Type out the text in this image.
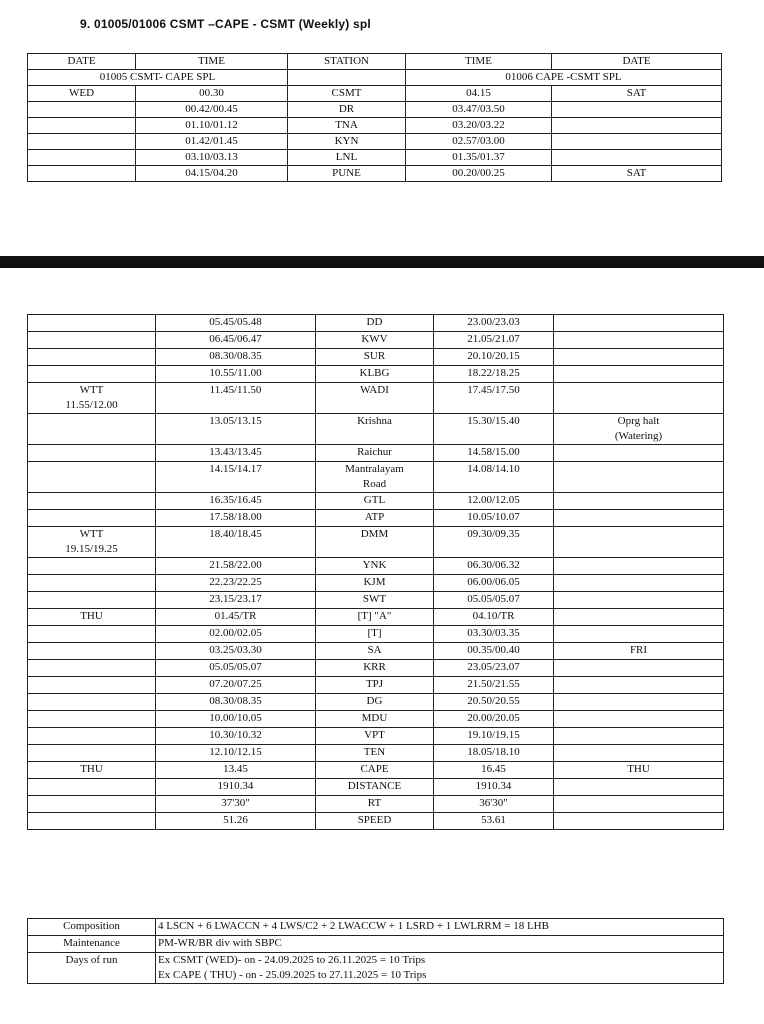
9. 01005/01006 CSMT –CAPE - CSMT (Weekly) spl
DATE	TIME	STATION	TIME	DATE
01005 CSMT- CAPE SPL			01006 CAPE -CSMT SPL	
WED	00.30	CSMT	04.15	SAT
	00.42/00.45	DR	03.47/03.50	
	01.10/01.12	TNA	03.20/03.22	
	01.42/01.45	KYN	02.57/03.00	
	03.10/03.13	LNL	01.35/01.37	
	04.15/04.20	PUNE	00.20/00.25	SAT
	05.45/05.48	DD	23.00/23.03	
	06.45/06.47	KWV	21.05/21.07	
	08.30/08.35	SUR	20.10/20.15	
	10.55/11.00	KLBG	18.22/18.25	
WTT
11.55/12.00	11.45/11.50	WADI	17.45/17.50	
	13.05/13.15	Krishna	15.30/15.40	Oprg halt
(Watering)
	13.43/13.45	Raichur	14.58/15.00	
	14.15/14.17	Mantralayam
Road	14.08/14.10	
	16.35/16.45	GTL	12.00/12.05	
	17.58/18.00	ATP	10.05/10.07	
WTT
19.15/19.25	18.40/18.45	DMM	09.30/09.35	
	21.58/22.00	YNK	06.30/06.32	
	22.23/22.25	KJM	06.00/06.05	
	23.15/23.17	SWT	05.05/05.07	
THU	01.45/TR	[T] "A"	04.10/TR	
	02.00/02.05	[T]	03.30/03.35	
	03.25/03.30	SA	00.35/00.40	FRI
	05.05/05.07	KRR	23.05/23.07	
	07.20/07.25	TPJ	21.50/21.55	
	08.30/08.35	DG	20.50/20.55	
	10.00/10.05	MDU	20.00/20.05	
	10.30/10.32	VPT	19.10/19.15	
	12.10/12.15	TEN	18.05/18.10	
THU	13.45	CAPE	16.45	THU
	1910.34	DISTANCE	1910.34	
	37'30"	RT	36'30"	
	51.26	SPEED	53.61	
Composition	4 LSCN + 6 LWACCN + 4 LWS/C2 + 2 LWACCW + 1 LSRD + 1 LWLRRM = 18 LHB
Maintenance	PM-WR/BR div with SBPC
Days of run	Ex CSMT (WED)- on - 24.09.2025 to 26.11.2025 = 10 Trips
Ex CAPE ( THU) - on - 25.09.2025 to 27.11.2025 = 10 Trips
